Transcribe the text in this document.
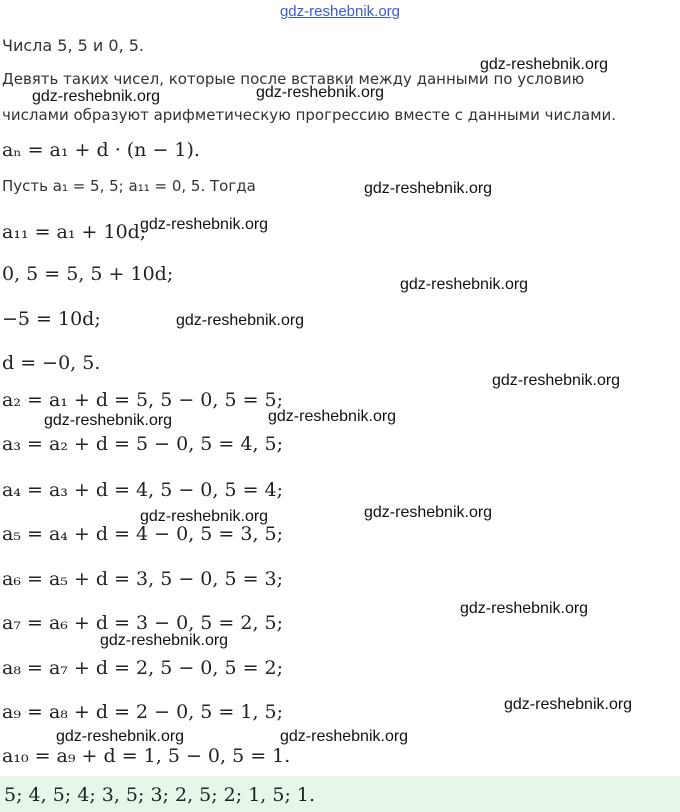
gdz-reshebnik.org
Числа 5, 5 и 0, 5.
Девять таких чисел, которые после вставки между данными по условию
числами образуют арифметическую прогрессию вместе с данными числами.
aₙ = a₁ + d · (n − 1).
Пусть a₁ = 5, 5; a₁₁ = 0, 5. Тогда
a₁₁ = a₁ + 10d;
0, 5 = 5, 5 + 10d;
−5 = 10d;
d = −0, 5.
a₂ = a₁ + d = 5, 5 − 0, 5 = 5;
a₃ = a₂ + d = 5 − 0, 5 = 4, 5;
a₄ = a₃ + d = 4, 5 − 0, 5 = 4;
a₅ = a₄ + d = 4 − 0, 5 = 3, 5;
a₆ = a₅ + d = 3, 5 − 0, 5 = 3;
a₇ = a₆ + d = 3 − 0, 5 = 2, 5;
a₈ = a₇ + d = 2, 5 − 0, 5 = 2;
a₉ = a₈ + d = 2 − 0, 5 = 1, 5;
a₁₀ = a₉ + d = 1, 5 − 0, 5 = 1.
5; 4, 5; 4; 3, 5; 3; 2, 5; 2; 1, 5; 1.
gdz-reshebnik.org
gdz-reshebnik.org	gdz-reshebnik.org
gdz-reshebnik.org
gdz-reshebnik.org
gdz-reshebnik.org
gdz-reshebnik.org
gdz-reshebnik.org
gdz-reshebnik.org	gdz-reshebnik.org
gdz-reshebnik.org	gdz-reshebnik.org
gdz-reshebnik.org
gdz-reshebnik.org
gdz-reshebnik.org
gdz-reshebnik.org	gdz-reshebnik.org
